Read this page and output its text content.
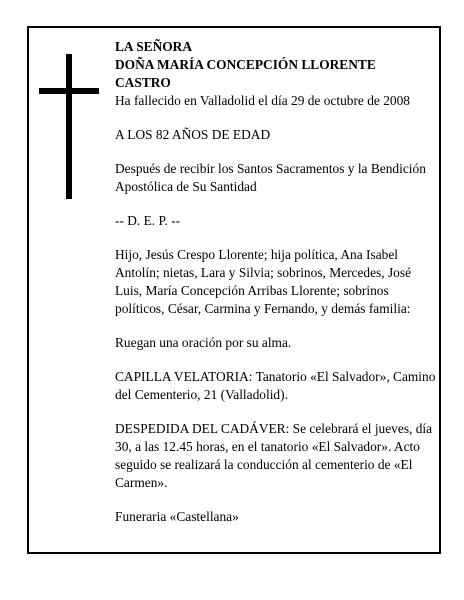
LA SEÑORA
DOÑA MARÍA CONCEPCIÓN LLORENTE
CASTRO
Ha fallecido en Valladolid el día 29 de octubre de 2008

A LOS 82 AÑOS DE EDAD

Después de recibir los Santos Sacramentos y la Bendición Apostólica de Su Santidad

-- D. E. P. --

Hijo, Jesús Crespo Llorente; hija política, Ana Isabel Antolín; nietas, Lara y Silvia; sobrinos, Mercedes, José Luis, María Concepción Arribas Llorente; sobrinos políticos, César, Carmina y Fernando, y demás familia:

Ruegan una oración por su alma.

CAPILLA VELATORIA: Tanatorio «El Salvador», Camino del Cementerio, 21 (Valladolid).

DESPEDIDA DEL CADÁVER: Se celebrará el jueves, día 30, a las 12.45 horas, en el tanatorio «El Salvador». Acto seguido se realizará la conducción al cementerio de «El Carmen».

Funeraria «Castellana»
